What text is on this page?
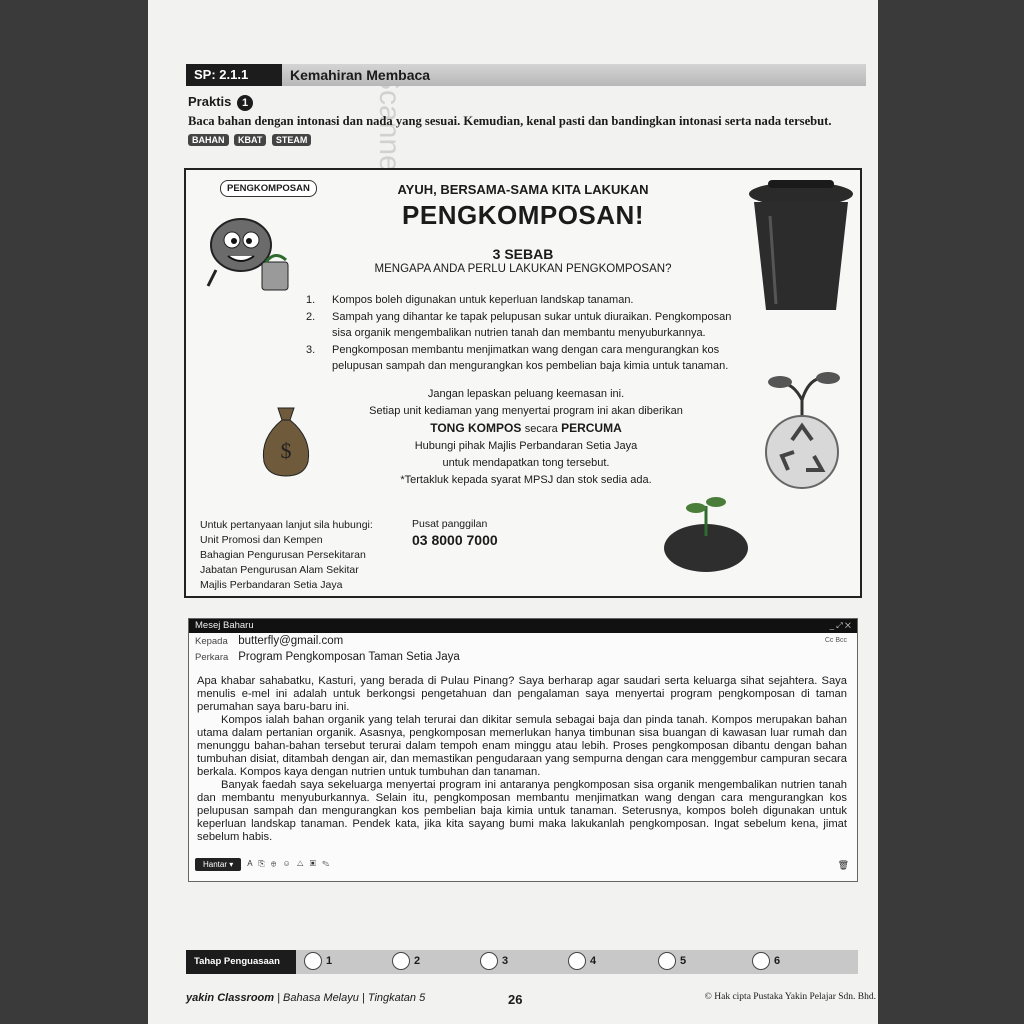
SP: 2.1.1	Kemahiran Membaca
Praktis 1
Baca bahan dengan intonasi dan nada yang sesuai. Kemudian, kenal pasti dan bandingkan intonasi serta nada tersebut.
BAHAN KBAT STEAM
PENGKOMPOSAN	AYUH, BERSAMA-SAMA KITA LAKUKAN
PENGKOMPOSAN!
3 SEBAB
MENGAPA ANDA PERLU LAKUKAN PENGKOMPOSAN?
1. Kompos boleh digunakan untuk keperluan landskap tanaman.
2. Sampah yang dihantar ke tapak pelupusan sukar untuk diuraikan. Pengkomposan sisa organik mengembalikan nutrien tanah dan membantu menyuburkannya.
3. Pengkomposan membantu menjimatkan wang dengan cara mengurangkan kos pelupusan sampah dan mengurangkan kos pembelian baja kimia untuk tanaman.
$
Jangan lepaskan peluang keemasan ini.
Setiap unit kediaman yang menyertai program ini akan diberikan
TONG KOMPOS secara PERCUMA
Hubungi pihak Majlis Perbandaran Setia Jaya
untuk mendapatkan tong tersebut.
*Tertakluk kepada syarat MPSJ dan stok sedia ada.
Untuk pertanyaan lanjut sila hubungi:
Unit Promosi dan Kempen
Bahagian Pengurusan Persekitaran
Jabatan Pengurusan Alam Sekitar
Majlis Perbandaran Setia Jaya
Pusat panggilan
03 8000 7000
Mesej Baharu	_ ⤢ ✕
Kepada butterfly@gmail.com	Cc Bcc
Perkara Program Pengkomposan Taman Setia Jaya

Apa khabar sahabatku, Kasturi, yang berada di Pulau Pinang? Saya berharap agar saudari serta keluarga sihat sejahtera. Saya menulis e-mel ini adalah untuk berkongsi pengetahuan dan pengalaman saya menyertai program pengkomposan di taman perumahan saya baru-baru ini.

Kompos ialah bahan organik yang telah terurai dan dikitar semula sebagai baja dan pinda tanah. Kompos merupakan bahan utama dalam pertanian organik. Asasnya, pengkomposan memerlukan hanya timbunan sisa buangan di kawasan luar rumah dan menunggu bahan-bahan tersebut terurai dalam tempoh enam minggu atau lebih. Proses pengkomposan dibantu dengan bahan tumbuhan disiat, ditambah dengan air, dan memastikan pengudaraan yang sempurna dengan cara menggembur campuran secara berkala. Kompos kaya dengan nutrien untuk tumbuhan dan tanaman.

Banyak faedah saya sekeluarga menyertai program ini antaranya pengkomposan sisa organik mengembalikan nutrien tanah dan membantu menyuburkannya. Selain itu, pengkomposan membantu menjimatkan wang dengan cara mengurangkan kos pelupusan sampah dan mengurangkan kos pembelian baja kimia untuk tanaman. Seterusnya, kompos boleh digunakan untuk keperluan landskap tanaman. Pendek kata, jika kita sayang bumi maka lakukanlah pengkomposan. Ingat sebelum kena, jimat sebelum habis.

Hantar ▾	A ⎘ ⊕ ☺ △ ▣ ✎	🗑
Tahap Penguasaan	1	2	3	4	5	6
yakin Classroom | Bahasa Melayu | Tingkatan 5	26	© Hak cipta Pustaka Yakin Pelajar Sdn. Bhd.
